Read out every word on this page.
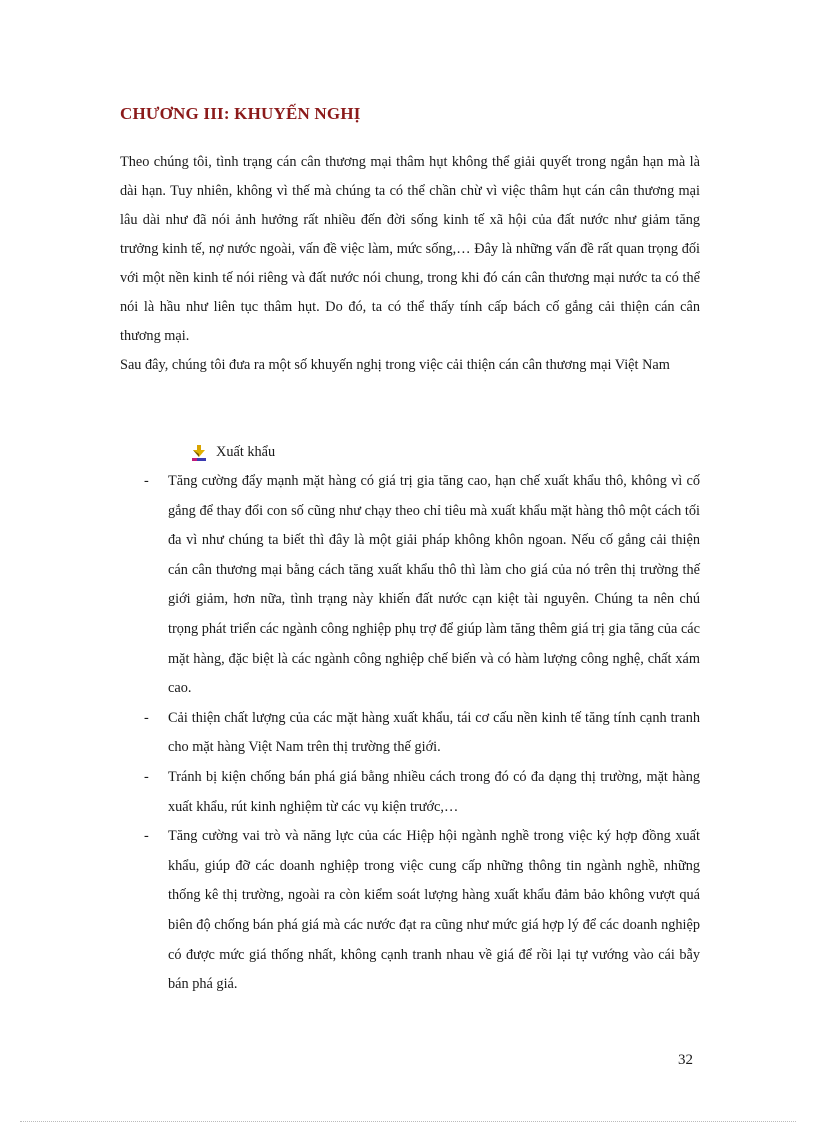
CHƯƠNG III: KHUYẾN NGHỊ

Theo chúng tôi, tình trạng cán cân thương mại thâm hụt không thể giải quyết trong ngắn hạn mà là dài hạn. Tuy nhiên, không vì thế mà chúng ta có thể chần chừ vì việc thâm hụt cán cân thương mại lâu dài như đã nói ảnh hưởng rất nhiều đến đời sống kinh tế xã hội của đất nước như giảm tăng trưởng kinh tế, nợ nước ngoài, vấn đề việc làm, mức sống,… Đây là những vấn đề rất quan trọng đối với một nền kinh tế nói riêng và đất nước nói chung, trong khi đó cán cân thương mại nước ta có thể nói là hầu như liên tục thâm hụt. Do đó, ta có thể thấy tính cấp bách cố gắng cải thiện cán cân thương mại.

Sau đây, chúng tôi đưa ra một số khuyến nghị trong việc cải thiện cán cân thương mại Việt Nam

Xuất khẩu
- Tăng cường đẩy mạnh mặt hàng có giá trị gia tăng cao, hạn chế xuất khẩu thô, không vì cố gắng để thay đổi con số cũng như chạy theo chỉ tiêu mà xuất khẩu mặt hàng thô một cách tối đa vì như chúng ta biết thì đây là một giải pháp không khôn ngoan. Nếu cố gắng cải thiện cán cân thương mại bằng cách tăng xuất khẩu thô thì làm cho giá của nó trên thị trường thế giới giảm, hơn nữa, tình trạng này khiến đất nước cạn kiệt tài nguyên. Chúng ta nên chú trọng phát triển các ngành công nghiệp phụ trợ để giúp làm tăng thêm giá trị gia tăng của các mặt hàng, đặc biệt là các ngành công nghiệp chế biến và có hàm lượng công nghệ, chất xám cao.
- Cải thiện chất lượng của các mặt hàng xuất khẩu, tái cơ cấu nền kinh tế tăng tính cạnh tranh cho mặt hàng Việt Nam trên thị trường thế giới.
- Tránh bị kiện chống bán phá giá bằng nhiều cách trong đó có đa dạng thị trường, mặt hàng xuất khẩu, rút kinh nghiệm từ các vụ kiện trước,…
- Tăng cường vai trò và năng lực của các Hiệp hội ngành nghề trong việc ký hợp đồng xuất khẩu, giúp đỡ các doanh nghiệp trong việc cung cấp những thông tin ngành nghề, những thống kê thị trường, ngoài ra còn kiểm soát lượng hàng xuất khẩu đảm bảo không vượt quá biên độ chống bán phá giá mà các nước đạt ra cũng như mức giá hợp lý để các doanh nghiệp có được mức giá thống nhất, không cạnh tranh nhau về giá để rồi lại tự vướng vào cái bẫy bán phá giá.
32
